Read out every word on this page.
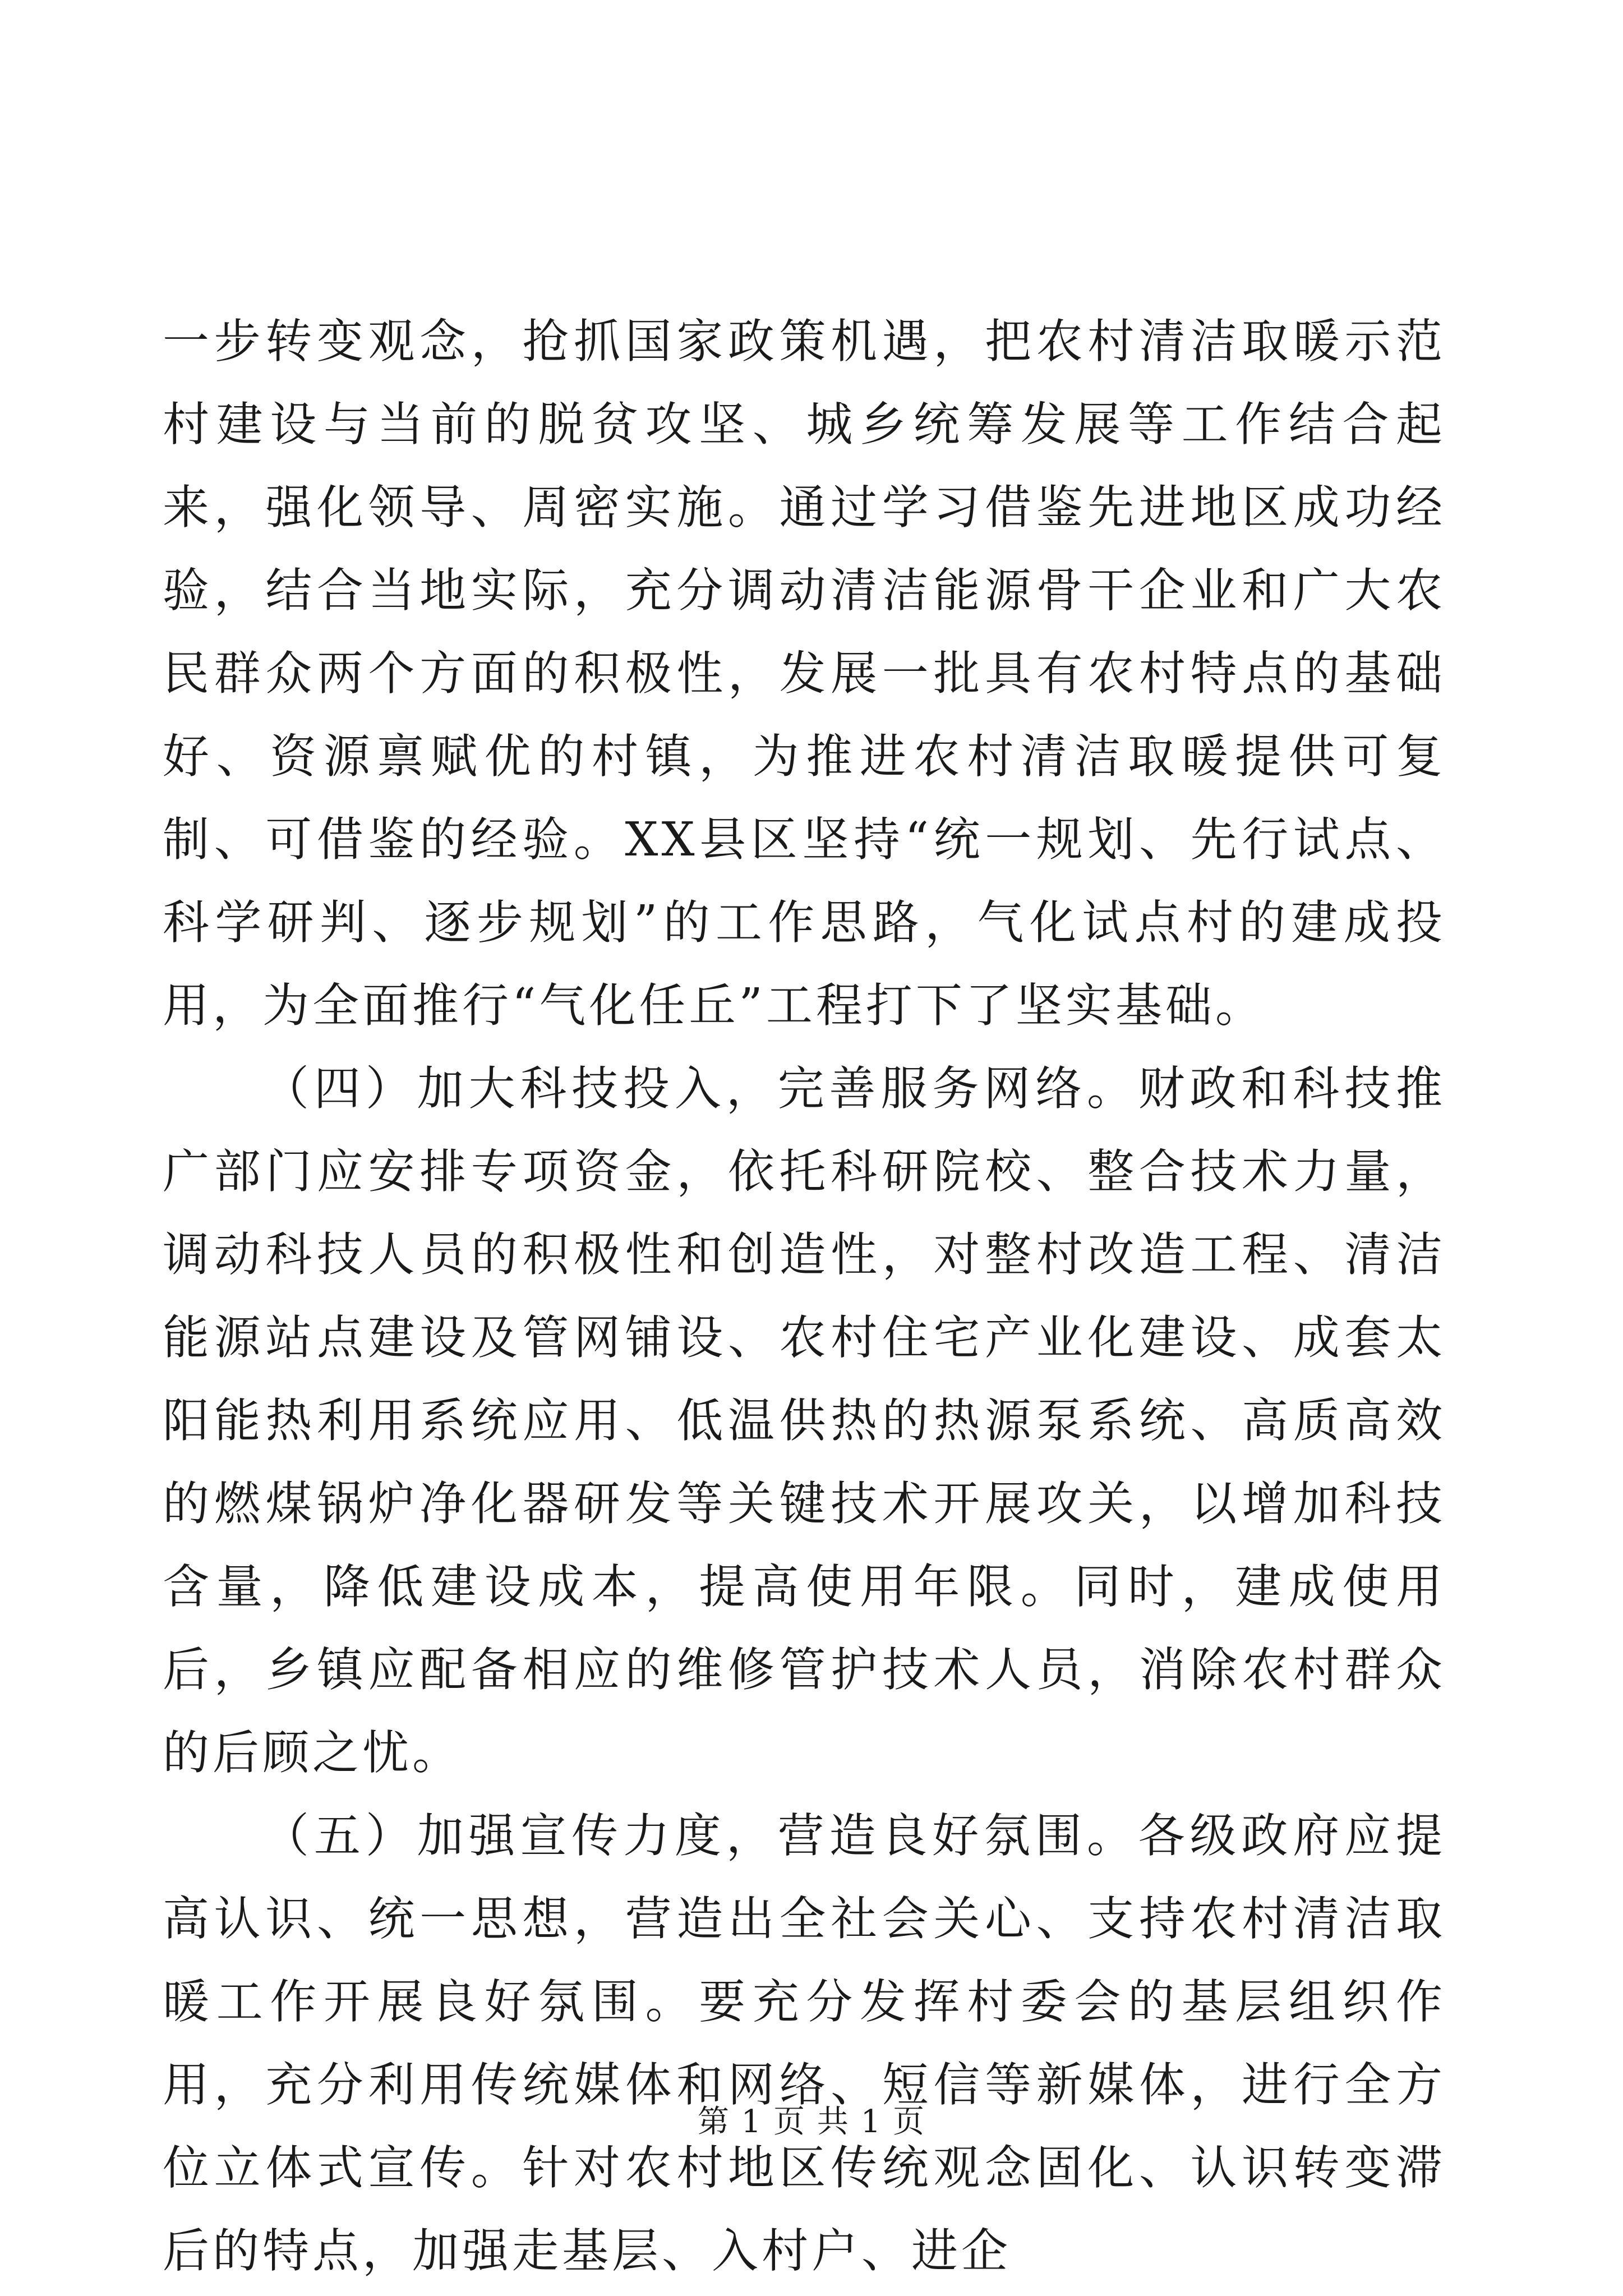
一步转变观念，抢抓国家政策机遇，把农村清洁取暖示范村建设与当前的脱贫攻坚、城乡统筹发展等工作结合起来，强化领导、周密实施。通过学习借鉴先进地区成功经验，结合当地实际，充分调动清洁能源骨干企业和广大农民群众两个方面的积极性，发展一批具有农村特点的基础好、资源禀赋优的村镇，为推进农村清洁取暖提供可复制、可借鉴的经验。XX县区坚持“统一规划、先行试点、科学研判、逐步规划”的工作思路，气化试点村的建成投用，为全面推行“气化任丘”工程打下了坚实基础。

（四）加大科技投入，完善服务网络。财政和科技推广部门应安排专项资金，依托科研院校、整合技术力量，调动科技人员的积极性和创造性，对整村改造工程、清洁能源站点建设及管网铺设、农村住宅产业化建设、成套太阳能热利用系统应用、低温供热的热源泵系统、高质高效的燃煤锅炉净化器研发等关键技术开展攻关，以增加科技含量，降低建设成本，提高使用年限。同时，建成使用后，乡镇应配备相应的维修管护技术人员，消除农村群众的后顾之忧。

（五）加强宣传力度，营造良好氛围。各级政府应提高认识、统一思想，营造出全社会关心、支持农村清洁取暖工作开展良好氛围。要充分发挥村委会的基层组织作用，充分利用传统媒体和网络、短信等新媒体，进行全方位立体式宣传。针对农村地区传统观念固化、认识转变滞后的特点，加强走基层、入村户、进企

第 1 页 共 1 页
